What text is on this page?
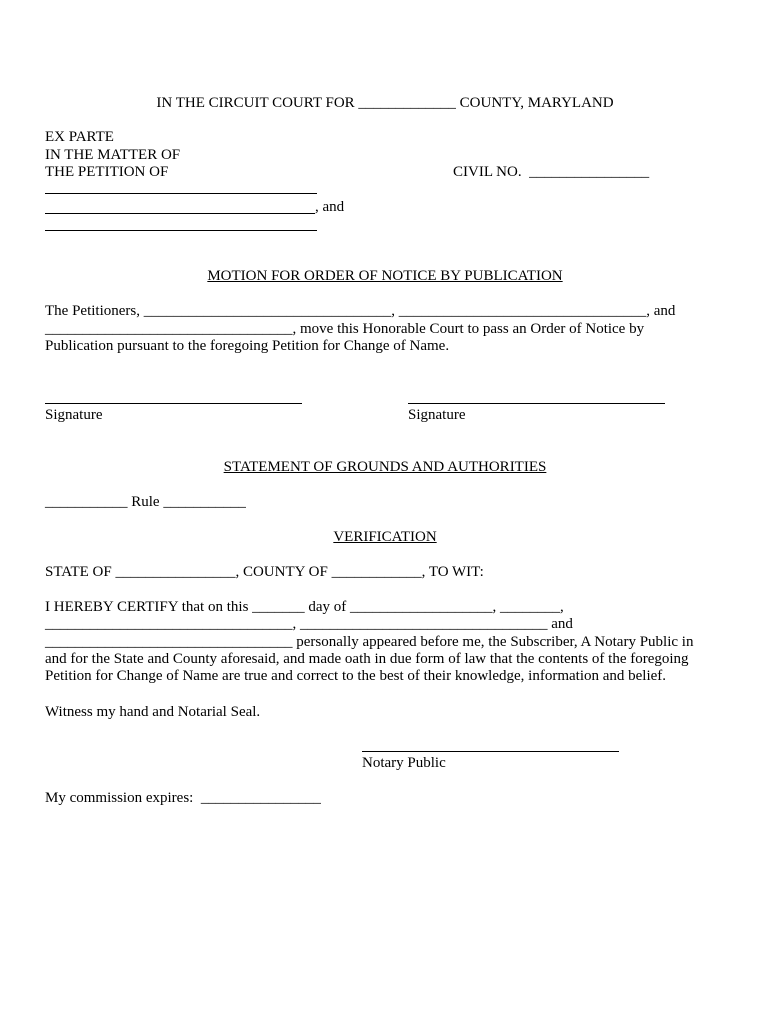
IN THE CIRCUIT COURT FOR _____________ COUNTY, MARYLAND
EX PARTE
IN THE MATTER OF
THE PETITION OF	CIVIL NO.  ________________
, and
MOTION FOR ORDER OF NOTICE BY PUBLICATION
The Petitioners, _________________________________, _________________________________, and
_________________________________, move this Honorable Court to pass an Order of Notice by
Publication pursuant to the foregoing Petition for Change of Name.
Signature	Signature
STATEMENT OF GROUNDS AND AUTHORITIES
___________ Rule ___________
VERIFICATION
STATE OF ________________, COUNTY OF ____________, TO WIT:
I HEREBY CERTIFY that on this _______ day of ___________________, ________,
_________________________________, _________________________________ and
_________________________________ personally appeared before me, the Subscriber, A Notary Public in
and for the State and County aforesaid, and made oath in due form of law that the contents of the foregoing
Petition for Change of Name are true and correct to the best of their knowledge, information and belief.
Witness my hand and Notarial Seal.
Notary Public
My commission expires:  ________________
